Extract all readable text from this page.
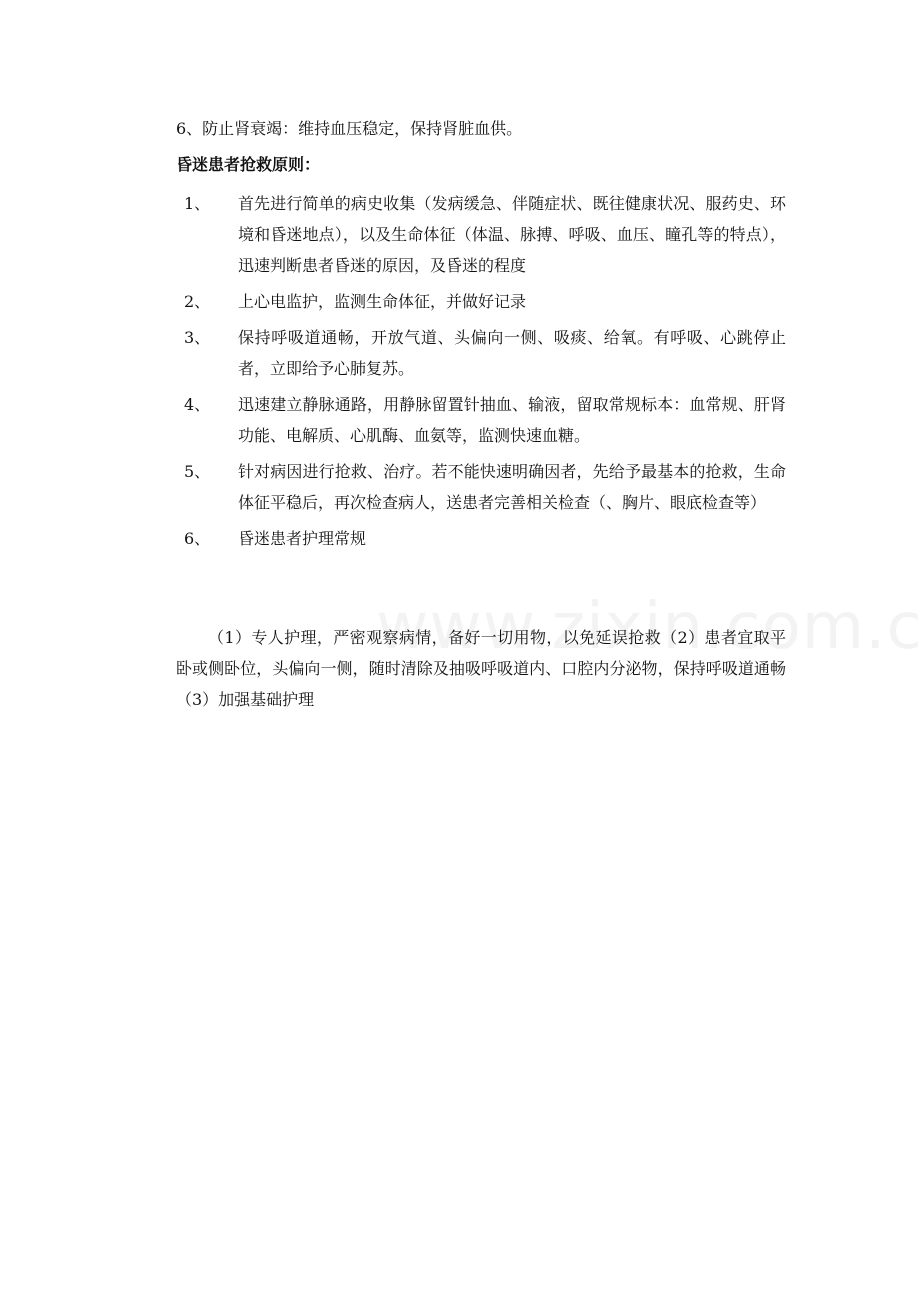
6、防止肾衰竭：维持血压稳定，保持肾脏血供。
昏迷患者抢救原则：
1、	首先进行简单的病史收集（发病缓急、伴随症状、既往健康状况、服药史、环境和昏迷地点），以及生命体征（体温、脉搏、呼吸、血压、瞳孔等的特点），迅速判断患者昏迷的原因，及昏迷的程度
2、	上心电监护，监测生命体征，并做好记录
3、	保持呼吸道通畅，开放气道、头偏向一侧、吸痰、给氧。有呼吸、心跳停止者，立即给予心肺复苏。
4、	迅速建立静脉通路，用静脉留置针抽血、输液，留取常规标本：血常规、肝肾功能、电解质、心肌酶、血氨等，监测快速血糖。
5、	针对病因进行抢救、治疗。若不能快速明确因者，先给予最基本的抢救，生命体征平稳后，再次检查病人，送患者完善相关检查（、胸片、眼底检查等）
6、	昏迷患者护理常规
（1）专人护理，严密观察病情，备好一切用物，以免延误抢救（2）患者宜取平卧或侧卧位，头偏向一侧，随时清除及抽吸呼吸道内、口腔内分泌物，保持呼吸道通畅（3）加强基础护理
